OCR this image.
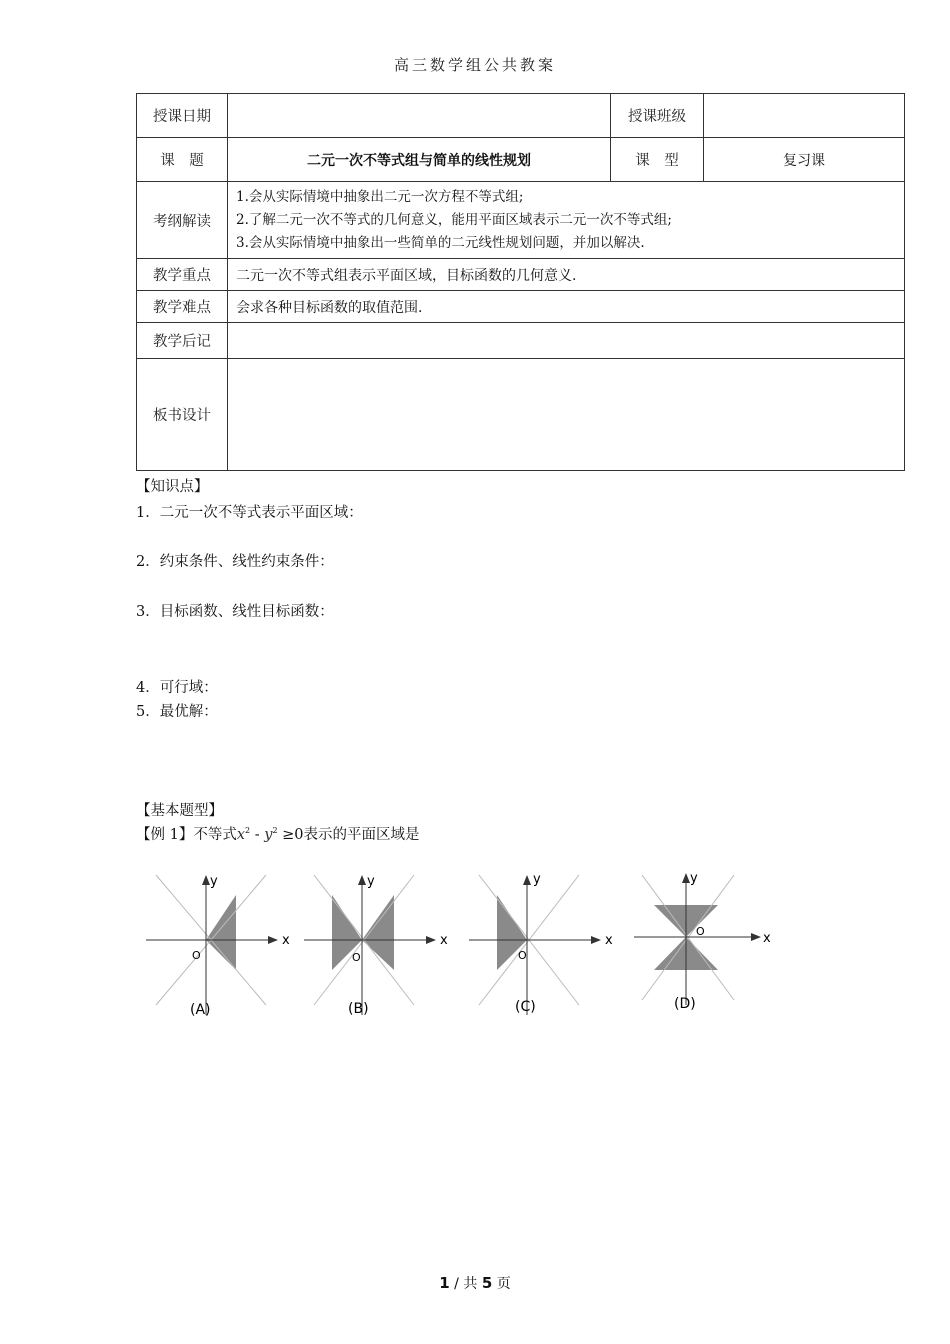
高三数学组公共教案
授课日期		授课班级	
课　题	二元一次不等式组与简单的线性规划	课　型	复习课
考纲解读	1.会从实际情境中抽象出二元一次方程不等式组;
2.了解二元一次不等式的几何意义，能用平面区域表示二元一次不等式组;
3.会从实际情境中抽象出一些简单的二元线性规划问题，并加以解决.		

教学重点	二元一次不等式组表示平面区域，目标函数的几何意义.		
教学难点	会求各种目标函数的取值范围.		
教学后记			
板书设计			
【知识点】
1．二元一次不等式表示平面区域：
2．约束条件、线性约束条件：
3．目标函数、线性目标函数：
4．可行域：
5．最优解：
【基本题型】
【例 1】不等式$x^2 - y^2 \ge 0$表示的平面区域是
x
y
O
(A)
x
y
O
(B)
x
y
O
(C)
x
y
O
(D)
1 / 共 5 页
